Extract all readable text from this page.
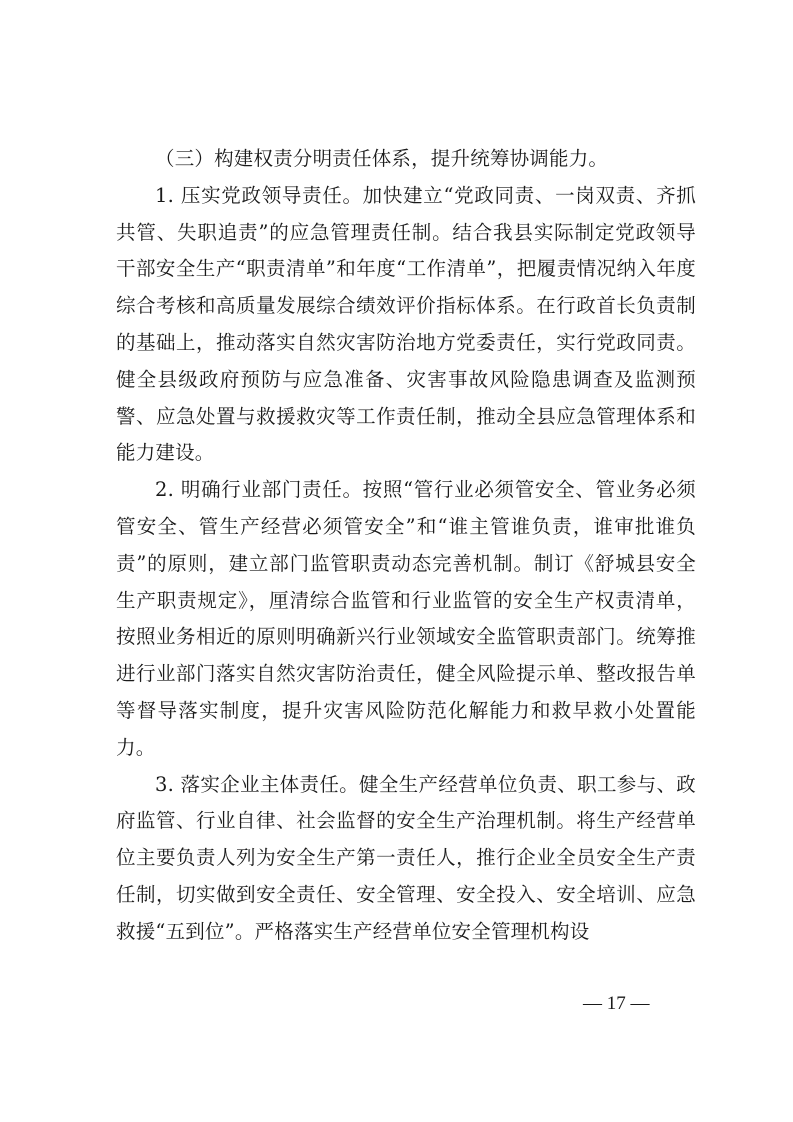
（三）构建权责分明责任体系，提升统筹协调能力。

1. 压实党政领导责任。加快建立“党政同责、一岗双责、齐抓共管、失职追责”的应急管理责任制。结合我县实际制定党政领导干部安全生产“职责清单”和年度“工作清单”，把履责情况纳入年度综合考核和高质量发展综合绩效评价指标体系。在行政首长负责制的基础上，推动落实自然灾害防治地方党委责任，实行党政同责。健全县级政府预防与应急准备、灾害事故风险隐患调查及监测预警、应急处置与救援救灾等工作责任制，推动全县应急管理体系和能力建设。

2. 明确行业部门责任。按照“管行业必须管安全、管业务必须管安全、管生产经营必须管安全”和“谁主管谁负责，谁审批谁负责”的原则，建立部门监管职责动态完善机制。制订《舒城县安全生产职责规定》，厘清综合监管和行业监管的安全生产权责清单，按照业务相近的原则明确新兴行业领域安全监管职责部门。统筹推进行业部门落实自然灾害防治责任，健全风险提示单、整改报告单等督导落实制度，提升灾害风险防范化解能力和救早救小处置能力。

3. 落实企业主体责任。健全生产经营单位负责、职工参与、政府监管、行业自律、社会监督的安全生产治理机制。将生产经营单位主要负责人列为安全生产第一责任人，推行企业全员安全生产责任制，切实做到安全责任、安全管理、安全投入、安全培训、应急救援“五到位”。严格落实生产经营单位安全管理机构设

— 17 —
